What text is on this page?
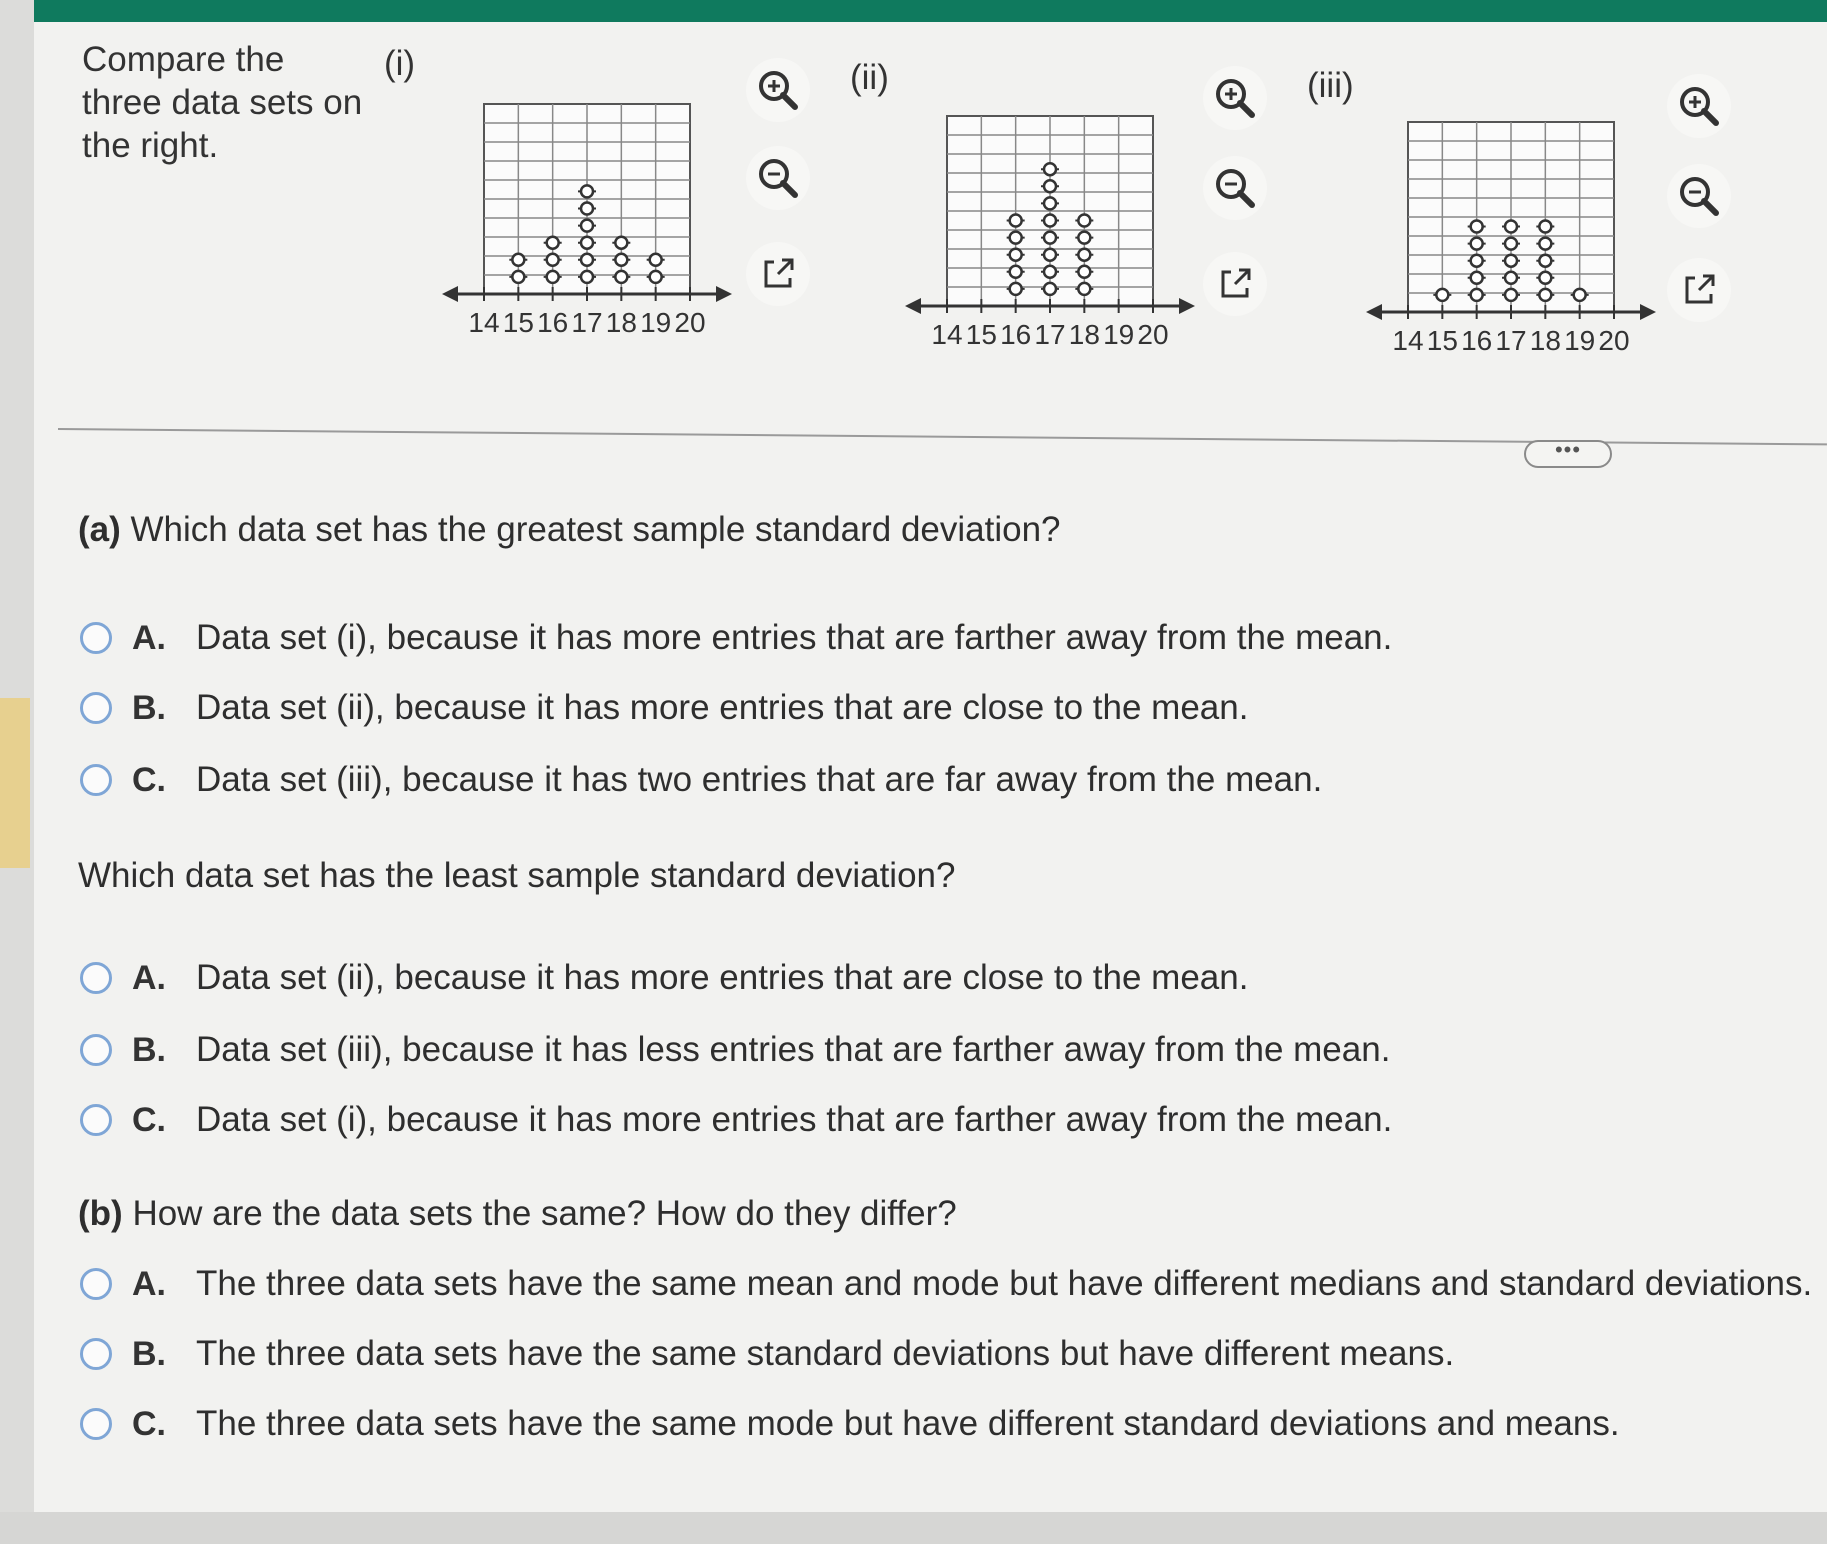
Compare the
three data sets on
the right.
(i)	(ii)	(iii)
14 15 16 17 18 19 20	14 15 16 17 18 19 20	14 15 16 17 18 19 20
•••
(a) Which data set has the greatest sample standard deviation?
A. Data set (i), because it has more entries that are farther away from the mean.
B. Data set (ii), because it has more entries that are close to the mean.
C. Data set (iii), because it has two entries that are far away from the mean.
Which data set has the least sample standard deviation?
A. Data set (ii), because it has more entries that are close to the mean.
B. Data set (iii), because it has less entries that are farther away from the mean.
C. Data set (i), because it has more entries that are farther away from the mean.
(b) How are the data sets the same? How do they differ?
A. The three data sets have the same mean and mode but have different medians and standard deviations.
B. The three data sets have the same standard deviations but have different means.
C. The three data sets have the same mode but have different standard deviations and means.
